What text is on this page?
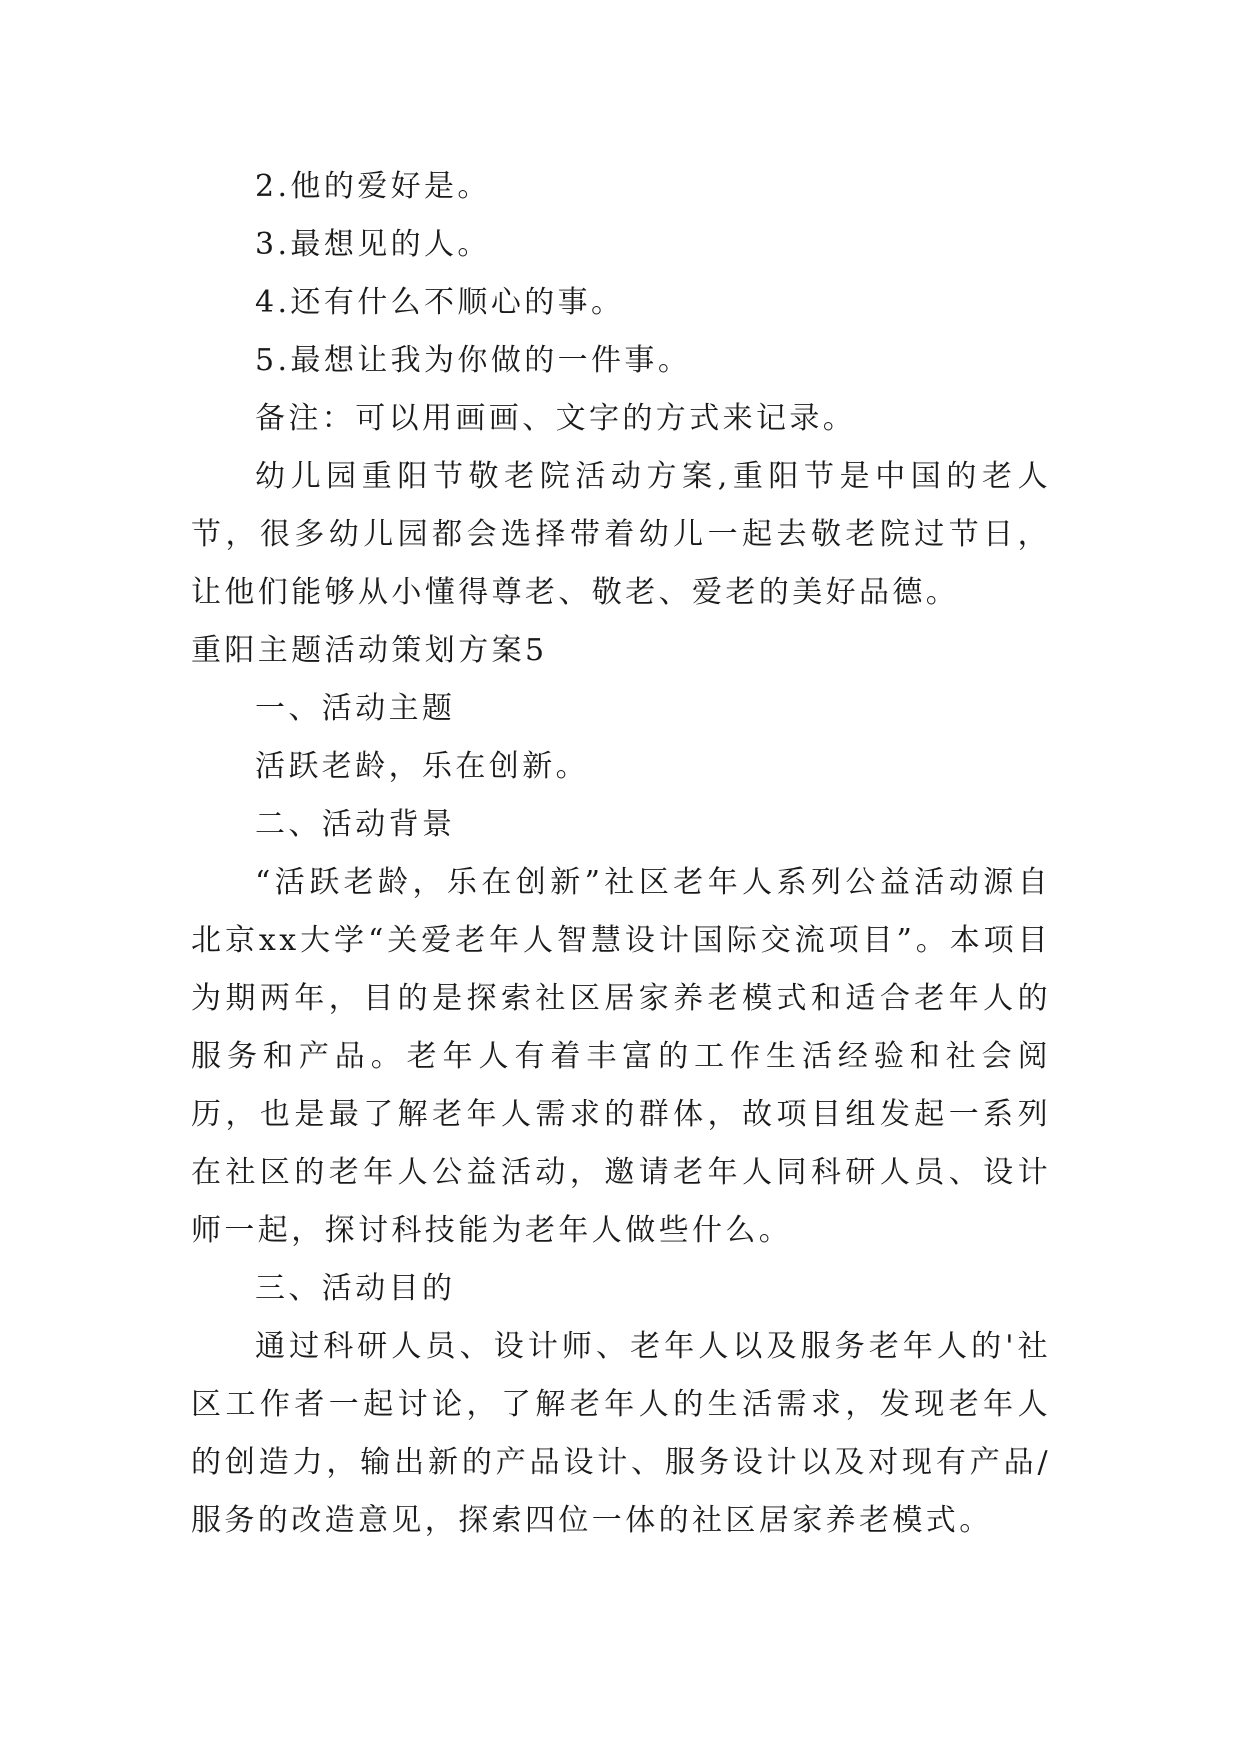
2.他的爱好是。

3.最想见的人。

4.还有什么不顺心的事。

5.最想让我为你做的一件事。

备注：可以用画画、文字的方式来记录。

幼儿园重阳节敬老院活动方案,重阳节是中国的老人节，很多幼儿园都会选择带着幼儿一起去敬老院过节日，让他们能够从小懂得尊老、敬老、爱老的美好品德。

重阳主题活动策划方案5

一、活动主题

活跃老龄，乐在创新。

二、活动背景

“活跃老龄，乐在创新”社区老年人系列公益活动源自北京xx大学“关爱老年人智慧设计国际交流项目”。本项目为期两年，目的是探索社区居家养老模式和适合老年人的服务和产品。老年人有着丰富的工作生活经验和社会阅历，也是最了解老年人需求的群体，故项目组发起一系列在社区的老年人公益活动，邀请老年人同科研人员、设计师一起，探讨科技能为老年人做些什么。

三、活动目的

通过科研人员、设计师、老年人以及服务老年人的'社区工作者一起讨论，了解老年人的生活需求，发现老年人的创造力，输出新的产品设计、服务设计以及对现有产品/服务的改造意见，探索四位一体的社区居家养老模式。
